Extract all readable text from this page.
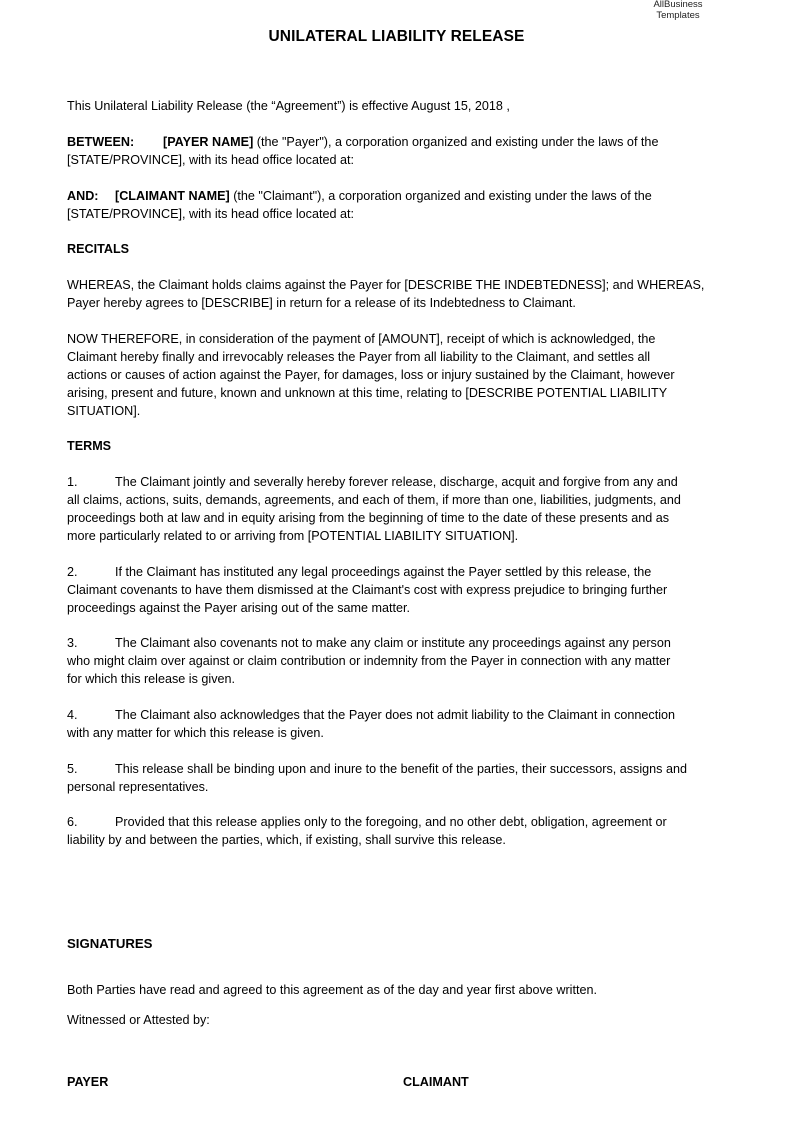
AllBusiness
Templates
UNILATERAL LIABILITY RELEASE
This Unilateral Liability Release (the “Agreement”) is effective August 15, 2018 ,
BETWEEN: [PAYER NAME] (the "Payer"), a corporation organized and existing under the laws of the
[STATE/PROVINCE], with its head office located at:
AND: [CLAIMANT NAME] (the "Claimant"), a corporation organized and existing under the laws of the
[STATE/PROVINCE], with its head office located at:
RECITALS
WHEREAS, the Claimant holds claims against the Payer for [DESCRIBE THE INDEBTEDNESS]; and WHEREAS,
Payer hereby agrees to [DESCRIBE] in return for a release of its Indebtedness to Claimant.
NOW THEREFORE, in consideration of the payment of [AMOUNT], receipt of which is acknowledged, the
Claimant hereby finally and irrevocably releases the Payer from all liability to the Claimant, and settles all
actions or causes of action against the Payer, for damages, loss or injury sustained by the Claimant, however
arising, present and future, known and unknown at this time, relating to [DESCRIBE POTENTIAL LIABILITY
SITUATION].
TERMS
1.	The Claimant jointly and severally hereby forever release, discharge, acquit and forgive from any and
all claims, actions, suits, demands, agreements, and each of them, if more than one, liabilities, judgments, and
proceedings both at law and in equity arising from the beginning of time to the date of these presents and as
more particularly related to or arriving from [POTENTIAL LIABILITY SITUATION].
2.	If the Claimant has instituted any legal proceedings against the Payer settled by this release, the
Claimant covenants to have them dismissed at the Claimant's cost with express prejudice to bringing further
proceedings against the Payer arising out of the same matter.
3.	The Claimant also covenants not to make any claim or institute any proceedings against any person
who might claim over against or claim contribution or indemnity from the Payer in connection with any matter
for which this release is given.
4.	The Claimant also acknowledges that the Payer does not admit liability to the Claimant in connection
with any matter for which this release is given.
5.	This release shall be binding upon and inure to the benefit of the parties, their successors, assigns and
personal representatives.
6.	Provided that this release applies only to the foregoing, and no other debt, obligation, agreement or
liability by and between the parties, which, if existing, shall survive this release.
SIGNATURES
Both Parties have read and agreed to this agreement as of the day and year first above written.
Witnessed or Attested by:
PAYER	CLAIMANT
